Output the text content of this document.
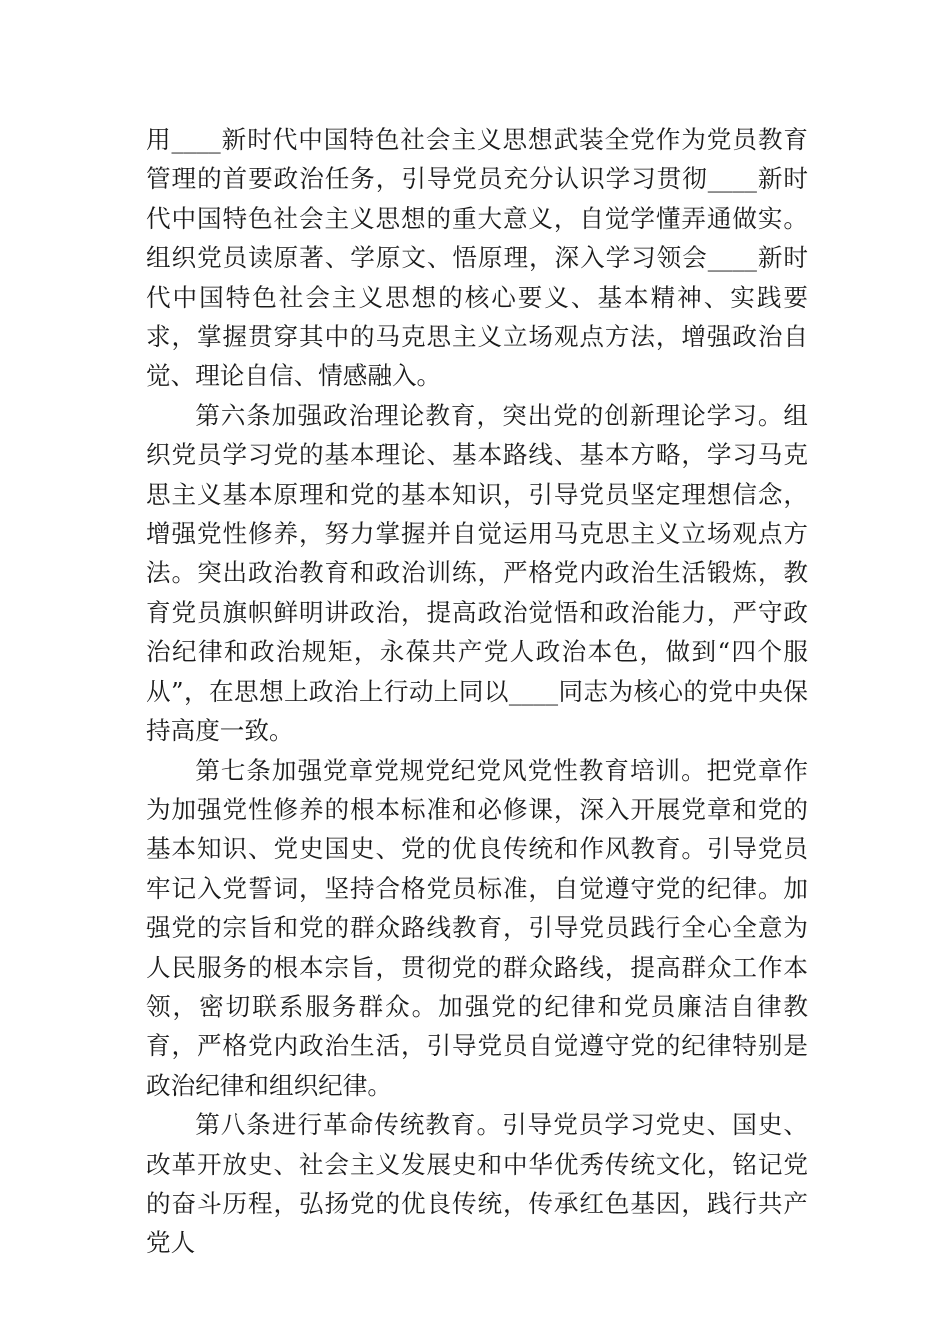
用____新时代中国特色社会主义思想武装全党作为党员教育管理的首要政治任务，引导党员充分认识学习贯彻____新时代中国特色社会主义思想的重大意义，自觉学懂弄通做实。组织党员读原著、学原文、悟原理，深入学习领会____新时代中国特色社会主义思想的核心要义、基本精神、实践要求，掌握贯穿其中的马克思主义立场观点方法，增强政治自觉、理论自信、情感融入。

第六条加强政治理论教育，突出党的创新理论学习。组织党员学习党的基本理论、基本路线、基本方略，学习马克思主义基本原理和党的基本知识，引导党员坚定理想信念，增强党性修养，努力掌握并自觉运用马克思主义立场观点方法。突出政治教育和政治训练，严格党内政治生活锻炼，教育党员旗帜鲜明讲政治，提高政治觉悟和政治能力，严守政治纪律和政治规矩，永葆共产党人政治本色，做到“四个服从”，在思想上政治上行动上同以____同志为核心的党中央保持高度一致。

第七条加强党章党规党纪党风党性教育培训。把党章作为加强党性修养的根本标准和必修课，深入开展党章和党的基本知识、党史国史、党的优良传统和作风教育。引导党员牢记入党誓词，坚持合格党员标准，自觉遵守党的纪律。加强党的宗旨和党的群众路线教育，引导党员践行全心全意为人民服务的根本宗旨，贯彻党的群众路线，提高群众工作本领，密切联系服务群众。加强党的纪律和党员廉洁自律教育，严格党内政治生活，引导党员自觉遵守党的纪律特别是政治纪律和组织纪律。

第八条进行革命传统教育。引导党员学习党史、国史、改革开放史、社会主义发展史和中华优秀传统文化，铭记党的奋斗历程，弘扬党的优良传统，传承红色基因，践行共产党人
